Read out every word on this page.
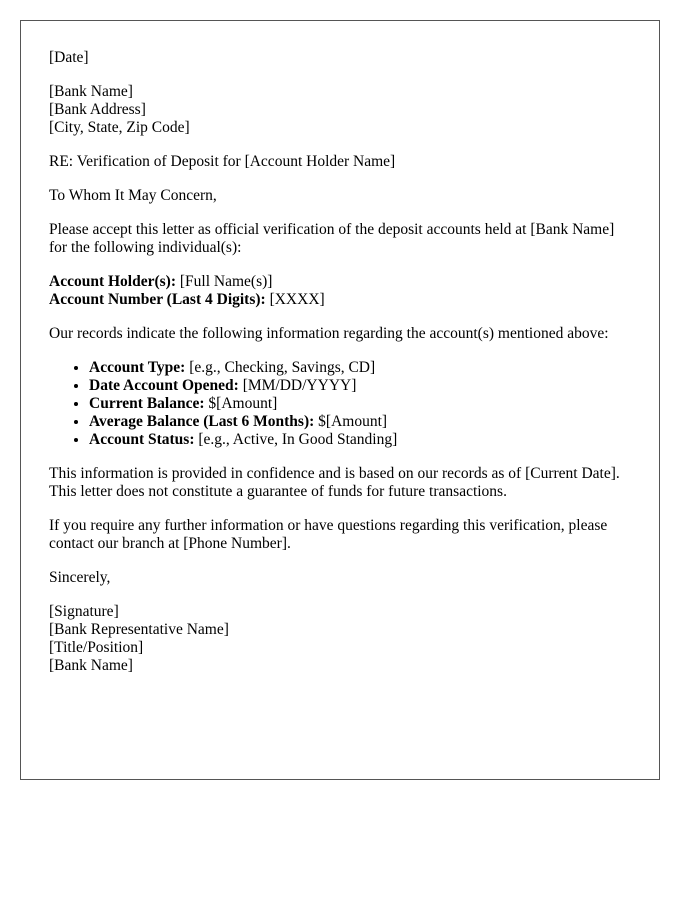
[Date]
[Bank Name]
[Bank Address]
[City, State, Zip Code]
RE: Verification of Deposit for [Account Holder Name]
To Whom It May Concern,

Please accept this letter as official verification of the deposit accounts held at [Bank Name] for the following individual(s):

Account Holder(s): [Full Name(s)]
Account Number (Last 4 Digits): [XXXX]

Our records indicate the following information regarding the account(s) mentioned above:

• Account Type: [e.g., Checking, Savings, CD]
• Date Account Opened: [MM/DD/YYYY]
• Current Balance: $[Amount]
• Average Balance (Last 6 Months): $[Amount]
• Account Status: [e.g., Active, In Good Standing]

This information is provided in confidence and is based on our records as of [Current Date]. This letter does not constitute a guarantee of funds for future transactions.

If you require any further information or have questions regarding this verification, please contact our branch at [Phone Number].

Sincerely,
[Signature]
[Bank Representative Name]
[Title/Position]
[Bank Name]
